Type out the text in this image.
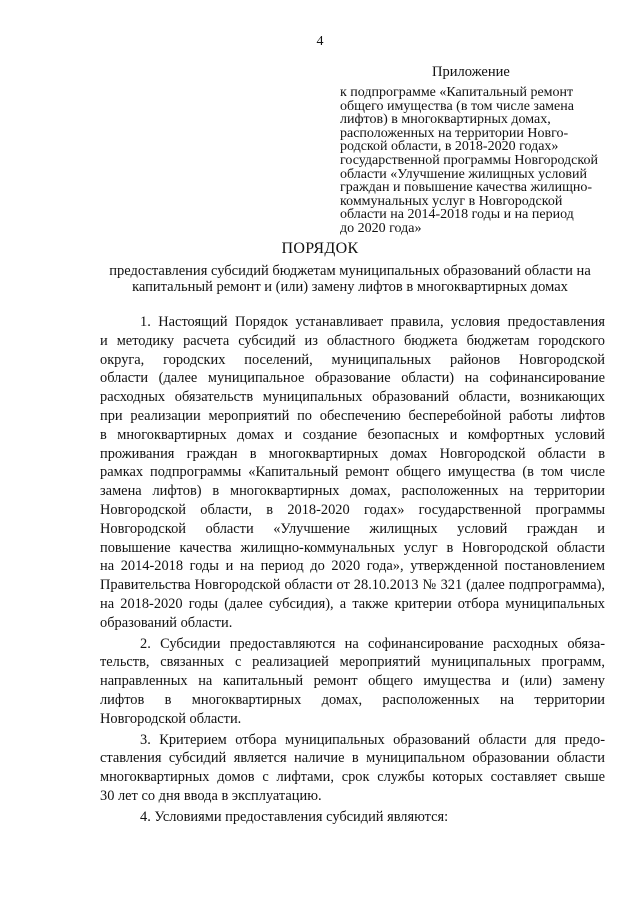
4
Приложение
к подпрограмме «Капитальный ремонт
общего имущества (в том числе замена
лифтов) в многоквартирных домах,
расположенных на территории Новго-
родской области, в 2018-2020 годах»
государственной программы Новгородской
области «Улучшение жилищных условий
граждан и повышение качества жилищно-
коммунальных услуг в Новгородской
области на 2014-2018 годы и на период
до 2020 года»
ПОРЯДОК
предоставления субсидий бюджетам муниципальных образований области на
капитальный ремонт и (или) замену лифтов в многоквартирных домах
1. Настоящий Порядок устанавливает правила, условия предоставления
и методику расчета субсидий из областного бюджета бюджетам городского
округа, городских поселений, муниципальных районов Новгородской
области (далее муниципальное образование области) на софинансирование
расходных обязательств муниципальных образований области, возникающих
при реализации мероприятий по обеспечению бесперебойной работы лифтов
в многоквартирных домах и создание безопасных и комфортных условий
проживания граждан в многоквартирных домах Новгородской области в
рамках подпрограммы «Капитальный ремонт общего имущества (в том числе
замена лифтов) в многоквартирных домах, расположенных на территории
Новгородской области, в 2018-2020 годах» государственной программы
Новгородской области «Улучшение жилищных условий граждан и
повышение качества жилищно-коммунальных услуг в Новгородской области
на 2014-2018 годы и на период до 2020 года», утвержденной постановлением
Правительства Новгородской области от 28.10.2013 № 321 (далее подпрограмма),
на 2018-2020 годы (далее субсидия), а также критерии отбора муниципальных
образований области.
2. Субсидии предоставляются на софинансирование расходных обяза-
тельств, связанных с реализацией мероприятий муниципальных программ,
направленных на капитальный ремонт общего имущества и (или) замену
лифтов в многоквартирных домах, расположенных на территории
Новгородской области.
3. Критерием отбора муниципальных образований области для предо-
ставления субсидий является наличие в муниципальном образовании области
многоквартирных домов с лифтами, срок службы которых составляет свыше
30 лет со дня ввода в эксплуатацию.
4. Условиями предоставления субсидий являются:
